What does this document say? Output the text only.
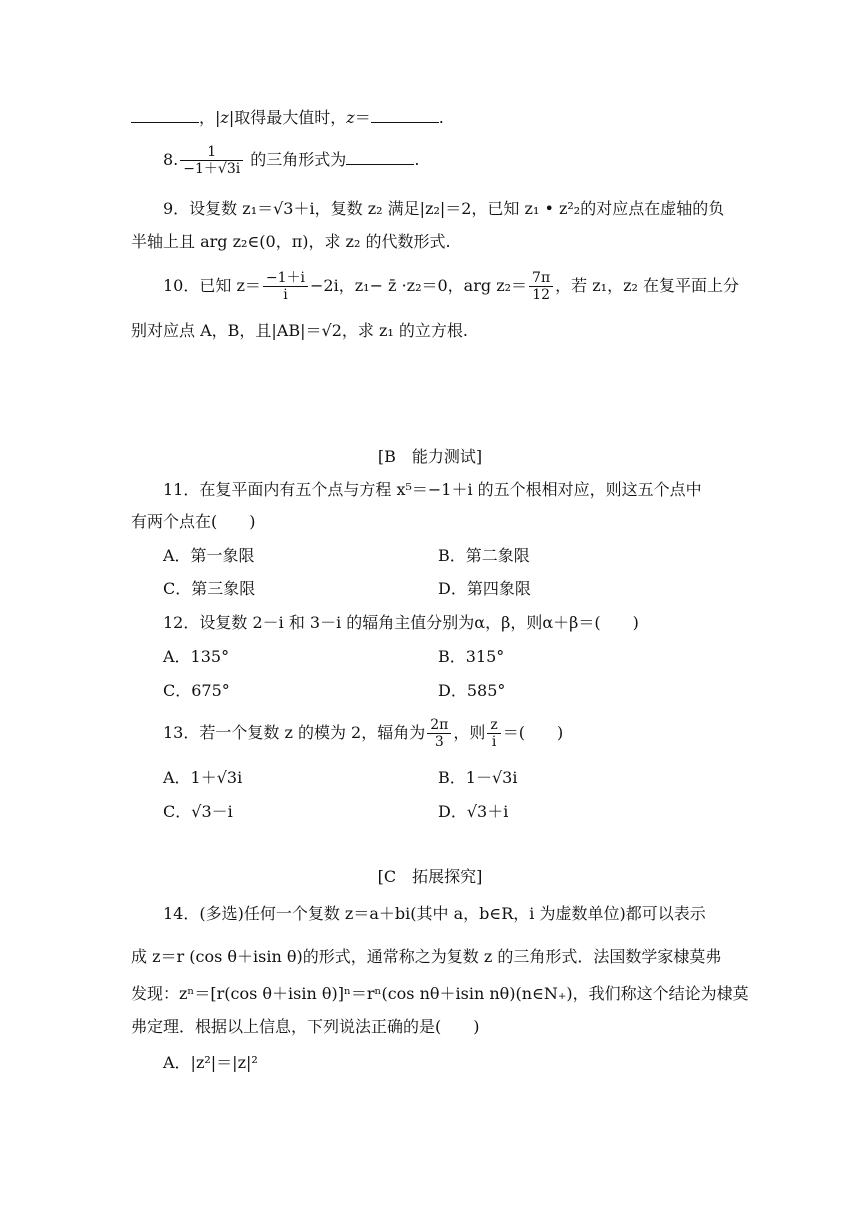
，|z|取得最大值时，z＝	.
8. $\frac{1}{-1+√3i}$ 的三角形式为	.
9．设复数 z₁＝√3＋i，复数 z₂ 满足|z₂|＝2，已知 z₁ • z²₂的对应点在虚轴的负
半轴上且 arg z₂∈(0，π)，求 z₂ 的代数形式.
10．已知 $z= \frac{-1+i}{i} -2i$，z₁− z̄ ·z₂＝0，arg $z_2= \frac{7\pi}{12}$ ，若 z₁，z₂ 在复平面上分
别对应点 A，B，且|AB|＝√2，求 z₁ 的立方根.
[B　能力测试]
11．在复平面内有五个点与方程 x⁵＝−1＋i 的五个根相对应，则这五个点中
有两个点在(　　)
A．第一象限	B．第二象限
C．第三象限	D．第四象限
12．设复数 2－i 和 3－i 的辐角主值分别为α，β，则α＋β＝(　　)
A．135°	B．315°
C．675°	D．585°
13．若一个复数 z 的模为 2，辐角为 $\frac{2\pi}{3}$ ，则 $\frac{z}{i}$ ＝(　　)
A．1＋√3i	B．1－√3i
C．√3－i	D．√3＋i
[C　拓展探究]
14．(多选)任何一个复数 z＝a＋bi(其中 a，b∈R，i 为虚数单位)都可以表示
成 z＝r (cos θ＋isin θ)的形式，通常称之为复数 z 的三角形式．法国数学家棣莫弗
发现：zⁿ＝[r(cos θ＋isin θ)]ⁿ＝rⁿ(cos nθ＋isin nθ)(n∈N₊)，我们称这个结论为棣莫
弗定理．根据以上信息，下列说法正确的是(　　)
A．|z²|＝|z|²
